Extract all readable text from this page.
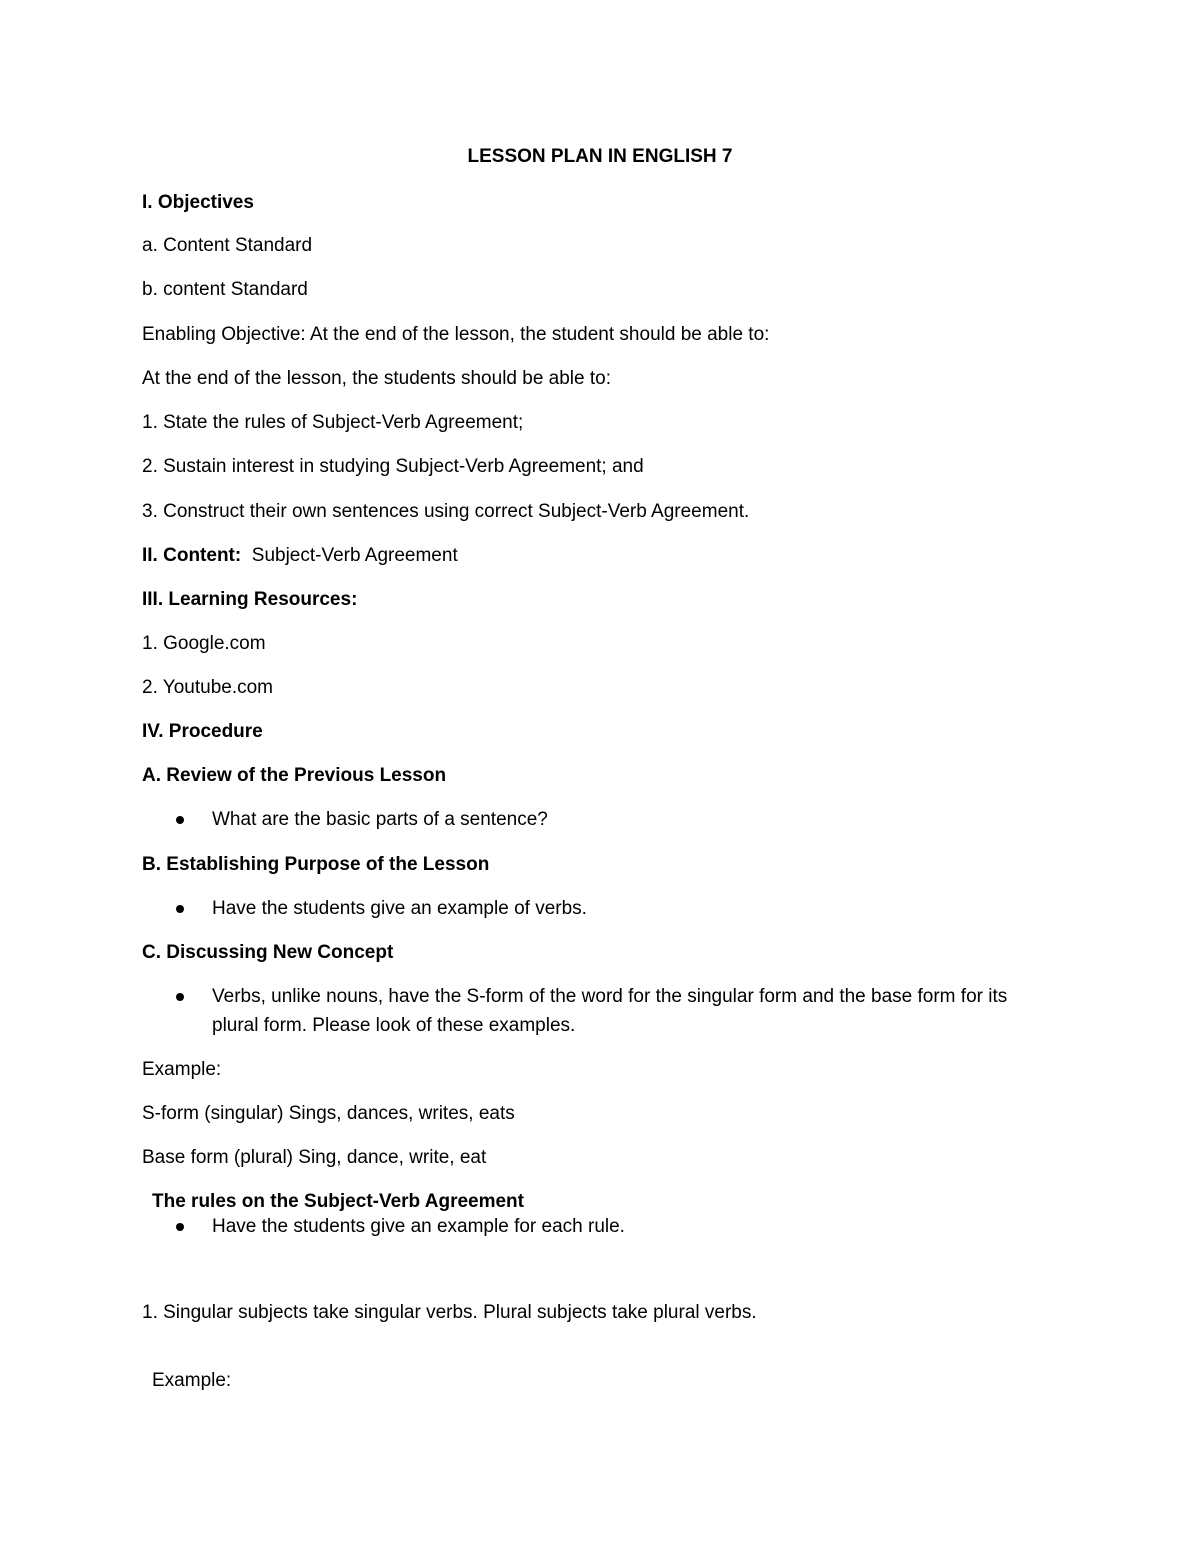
LESSON PLAN IN ENGLISH 7
I. Objectives
a. Content Standard
b. content Standard
Enabling Objective: At the end of the lesson, the student should be able to:
At the end of the lesson, the students should be able to:
1. State the rules of Subject-Verb Agreement;
2. Sustain interest in studying Subject-Verb Agreement; and
3. Construct their own sentences using correct Subject-Verb Agreement.
II. Content: Subject-Verb Agreement
III. Learning Resources:
1. Google.com
2. Youtube.com
IV. Procedure
A. Review of the Previous Lesson
What are the basic parts of a sentence?
B. Establishing Purpose of the Lesson
Have the students give an example of verbs.
C. Discussing New Concept
Verbs, unlike nouns, have the S-form of the word for the singular form and the base form for its
plural form. Please look of these examples.
Example:
S-form (singular) Sings, dances, writes, eats
Base form (plural) Sing, dance, write, eat
The rules on the Subject-Verb Agreement
Have the students give an example for each rule.
1. Singular subjects take singular verbs. Plural subjects take plural verbs.
Example:
